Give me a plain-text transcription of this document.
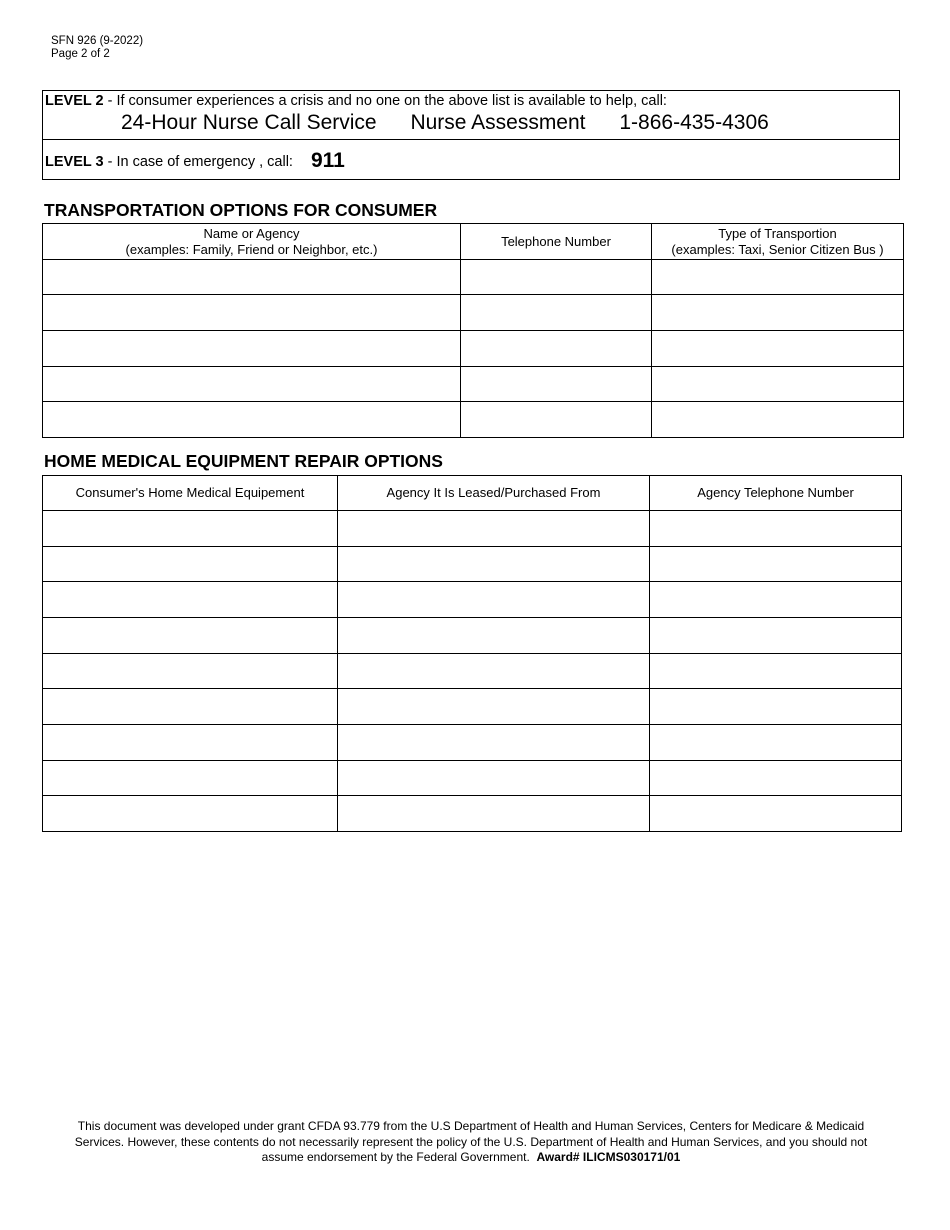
SFN 926 (9-2022)
Page 2 of 2
LEVEL 2 - If consumer experiences a crisis and no one on the above list is available to help, call:
24-Hour Nurse Call Service Nurse Assessment 1-866-435-4306
LEVEL 3 - In case of emergency , call: 911
TRANSPORTATION OPTIONS FOR CONSUMER
Name or Agency
(examples: Family, Friend or Neighbor, etc.)	Telephone Number	Type of Transportion
(examples: Taxi, Senior Citizen Bus )

HOME MEDICAL EQUIPMENT REPAIR OPTIONS
Consumer's Home Medical Equipement	Agency It Is Leased/Purchased From	Agency Telephone Number

This document was developed under grant CFDA 93.779 from the U.S Department of Health and Human Services, Centers for Medicare & Medicaid Services. However, these contents do not necessarily represent the policy of the U.S. Department of Health and Human Services, and you should not assume endorsement by the Federal Government. Award# ILICMS030171/01
